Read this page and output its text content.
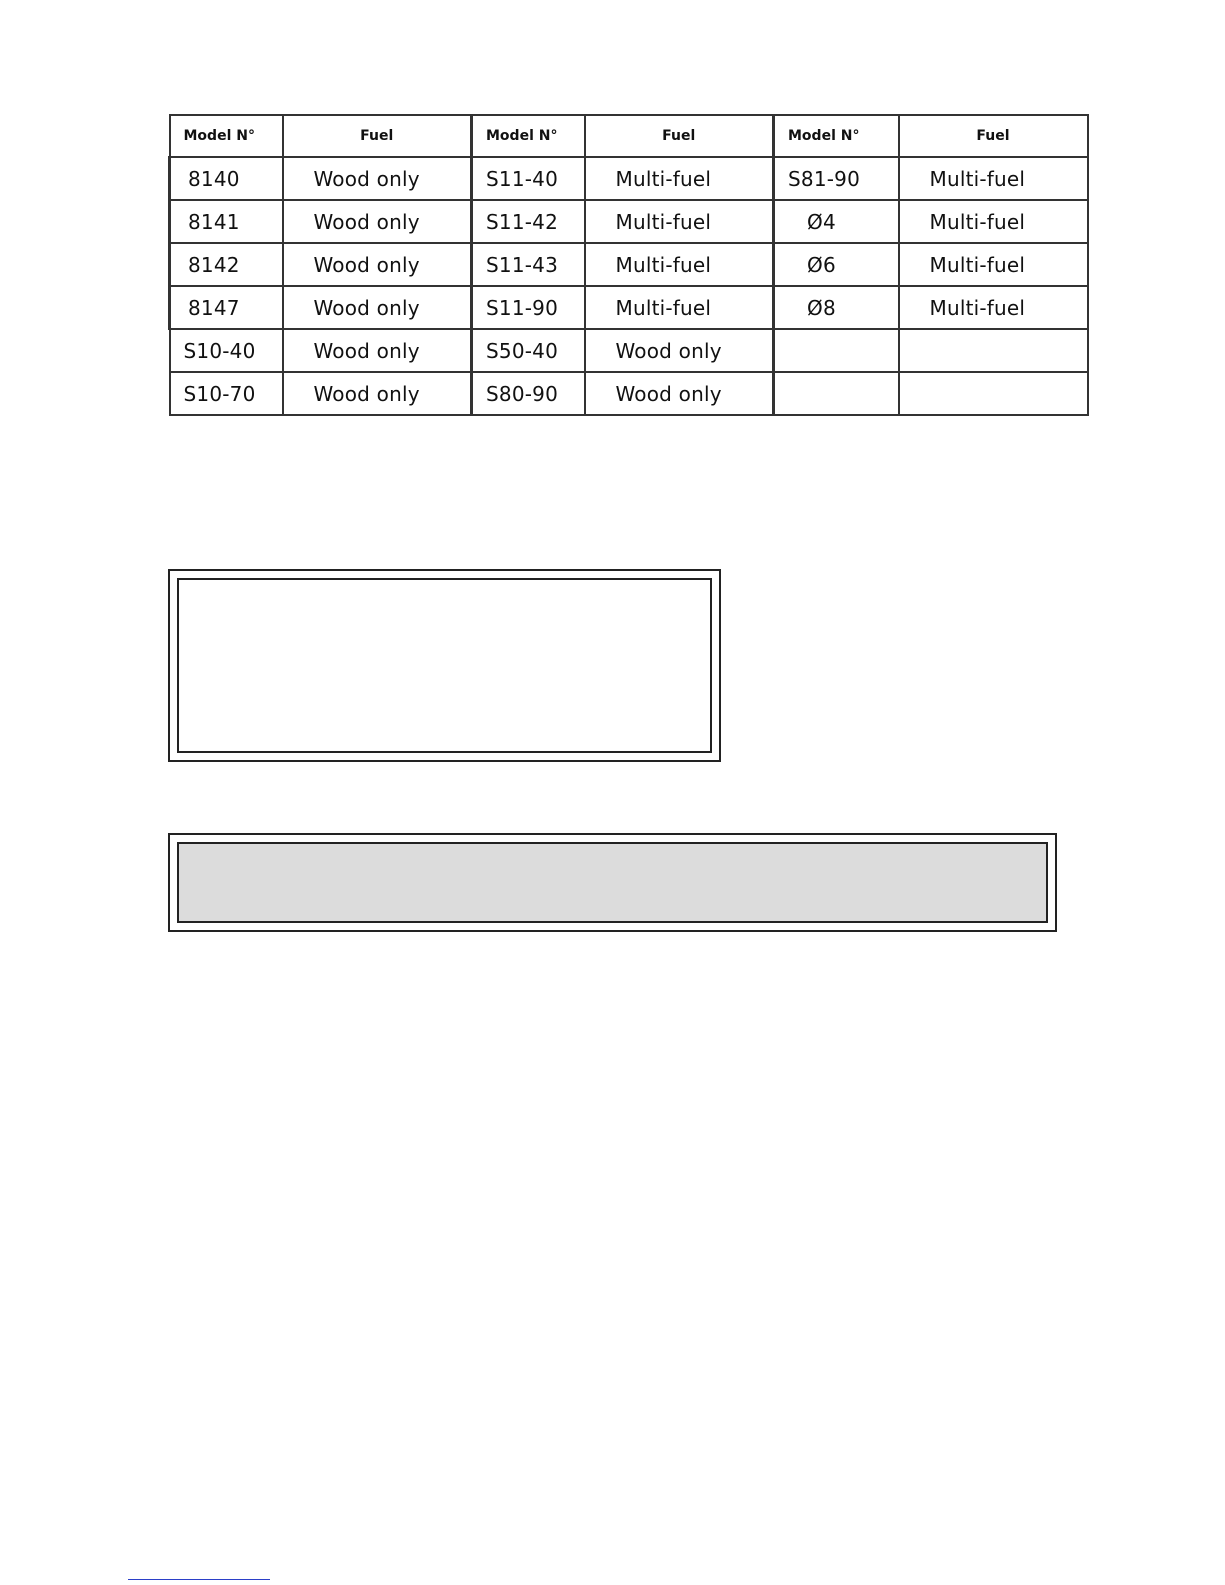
Model N°	Fuel	Model N°	Fuel	Model N°	Fuel
8140	Wood only	S11-40	Multi-fuel	S81-90	Multi-fuel
8141	Wood only	S11-42	Multi-fuel	Ø4	Multi-fuel
8142	Wood only	S11-43	Multi-fuel	Ø6	Multi-fuel
8147	Wood only	S11-90	Multi-fuel	Ø8	Multi-fuel
S10-40	Wood only	S50-40	Wood only		
S10-70	Wood only	S80-90	Wood only		
